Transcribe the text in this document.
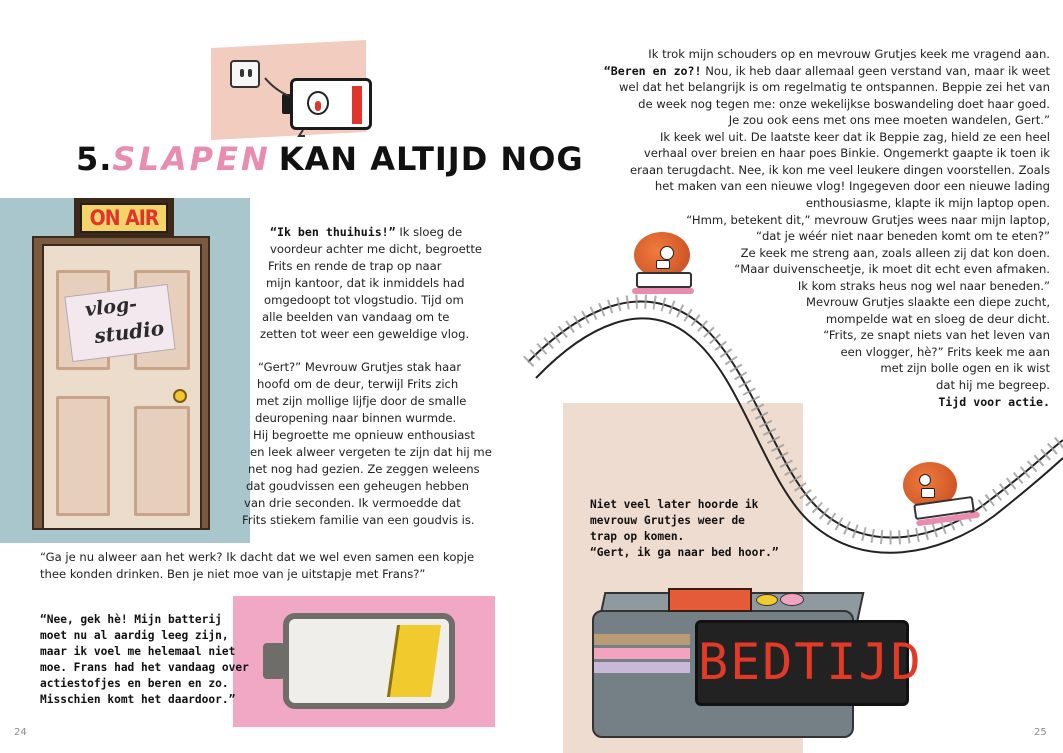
5. SLAPEN KAN ALTIJD NOG
ON AIR
vlog-
studio
“Ik ben thuihuis!” Ik sloeg de
voordeur achter me dicht, begroette
Frits en rende de trap op naar
mijn kantoor, dat ik inmiddels had
omgedoopt tot vlogstudio. Tijd om
alle beelden van vandaag om te
zetten tot weer een geweldige vlog.
“Gert?” Mevrouw Grutjes stak haar
hoofd om de deur, terwijl Frits zich
met zijn mollige lijfje door de smalle
deuropening naar binnen wurmde.
Hij begroette me opnieuw enthousiast
en leek alweer vergeten te zijn dat hij me
net nog had gezien. Ze zeggen weleens
dat goudvissen een geheugen hebben
van drie seconden. Ik vermoedde dat
Frits stiekem familie van een goudvis is.
“Ga je nu alweer aan het werk? Ik dacht dat we wel even samen een kopje
thee konden drinken. Ben je niet moe van je uitstapje met Frans?”
“Nee, gek hè! Mijn batterij
moet nu al aardig leeg zijn,
maar ik voel me helemaal niet
moe. Frans had het vandaag over
actiestofjes en beren en zo.
Misschien komt het daardoor.”
24
Ik trok mijn schouders op en mevrouw Grutjes keek me vragend aan.
“Beren en zo?! Nou, ik heb daar allemaal geen verstand van, maar ik weet
wel dat het belangrijk is om regelmatig te ontspannen. Beppie zei het van
de week nog tegen me: onze wekelijkse boswandeling doet haar goed.
Je zou ook eens met ons mee moeten wandelen, Gert.”
Ik keek wel uit. De laatste keer dat ik Beppie zag, hield ze een heel
verhaal over breien en haar poes Binkie. Ongemerkt gaapte ik toen ik
eraan terugdacht. Nee, ik kon me veel leukere dingen voorstellen. Zoals
het maken van een nieuwe vlog! Ingegeven door een nieuwe lading
enthousiasme, klapte ik mijn laptop open.
“Hmm, betekent dit,” mevrouw Grutjes wees naar mijn laptop,
“dat je wéér niet naar beneden komt om te eten?”
Ze keek me streng aan, zoals alleen zij dat kon doen.
“Maar duivenscheetje, ik moet dit echt even afmaken.
Ik kom straks heus nog wel naar beneden.”
Mevrouw Grutjes slaakte een diepe zucht,
mompelde wat en sloeg de deur dicht.
“Frits, ze snapt niets van het leven van
een vlogger, hè?” Frits keek me aan
met zijn bolle ogen en ik wist
dat hij me begreep.
Tijd voor actie.
Niet veel later hoorde ik
mevrouw Grutjes weer de
trap op komen.
“Gert, ik ga naar bed hoor.”
BEDTIJD
25
